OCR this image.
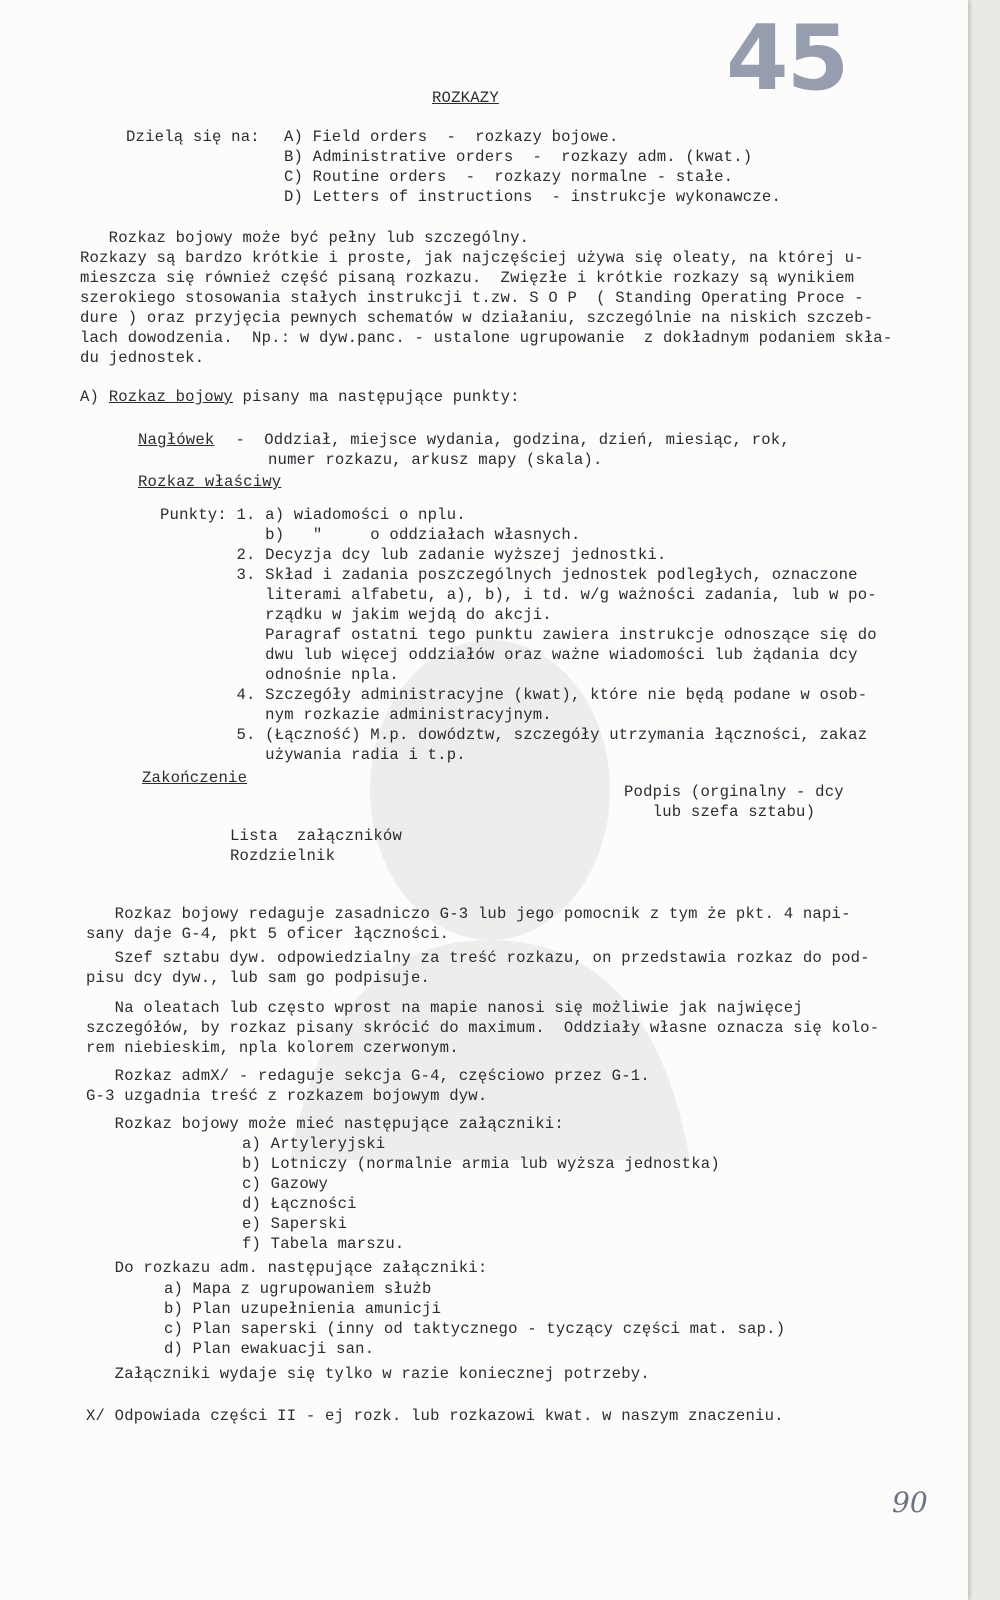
45
ROZKAZY
Dzielą się na: A) Field orders  -  rozkazy bojowe.
B) Administrative orders  -  rozkazy adm. (kwat.)
C) Routine orders  -  rozkazy normalne - stałe.
D) Letters of instructions  - instrukcje wykonawcze.
Rozkaz bojowy może być pełny lub szczególny.
Rozkazy są bardzo krótkie i proste, jak najczęściej używa się oleaty, na której u-
mieszcza się również część pisaną rozkazu.  Zwięzłe i krótkie rozkazy są wynikiem
szerokiego stosowania stałych instrukcji t.zw. S O P  ( Standing Operating Proce -
dure ) oraz przyjęcia pewnych schematów w działaniu, szczególnie na niskich szczeb-
lach dowodzenia.  Np.: w dyw.panc. - ustalone ugrupowanie  z dokładnym podaniem skła-
du jednostek.
A) Rozkaz bojowy pisany ma następujące punkty:
Nagłówek -  Oddział, miejsce wydania, godzina, dzień, miesiąc, rok,
numer rozkazu, arkusz mapy (skala).
Rozkaz właściwy
Punkty: 1. a) wiadomości o nplu.
b)   "     o oddziałach własnych.
2. Decyzja dcy lub zadanie wyższej jednostki.
3. Skład i zadania poszczególnych jednostek podległych, oznaczone
literami alfabetu, a), b), i td. w/g ważności zadania, lub w po-
rządku w jakim wejdą do akcji.
Paragraf ostatni tego punktu zawiera instrukcje odnoszące się do
dwu lub więcej oddziałów oraz ważne wiadomości lub żądania dcy
odnośnie npla.
4. Szczegóły administracyjne (kwat), które nie będą podane w osob-
nym rozkazie administracyjnym.
5. (Łączność) M.p. dowództw, szczegóły utrzymania łączności, zakaz
używania radia i t.p.
Zakończenie
Podpis (orginalny - dcy
lub szefa sztabu)
Lista  załączników
Rozdzielnik
Rozkaz bojowy redaguje zasadniczo G-3 lub jego pomocnik z tym że pkt. 4 napi-
sany daje G-4, pkt 5 oficer łączności.
Szef sztabu dyw. odpowiedzialny za treść rozkazu, on przedstawia rozkaz do pod-
pisu dcy dyw., lub sam go podpisuje.
Na oleatach lub często wprost na mapie nanosi się możliwie jak najwięcej
szczegółów, by rozkaz pisany skrócić do maximum.  Oddziały własne oznacza się kolo-
rem niebieskim, npla kolorem czerwonym.
Rozkaz admX/ - redaguje sekcja G-4, częściowo przez G-1.
G-3 uzgadnia treść z rozkazem bojowym dyw.
Rozkaz bojowy może mieć następujące załączniki:
a) Artyleryjski
b) Lotniczy (normalnie armia lub wyższa jednostka)
c) Gazowy
d) Łączności
e) Saperski
f) Tabela marszu.
Do rozkazu adm. następujące załączniki:
a) Mapa z ugrupowaniem służb
b) Plan uzupełnienia amunicji
c) Plan saperski (inny od taktycznego - tyczący części mat. sap.)
d) Plan ewakuacji san.
Załączniki wydaje się tylko w razie koniecznej potrzeby.
X/ Odpowiada części II - ej rozk. lub rozkazowi kwat. w naszym znaczeniu.
90
